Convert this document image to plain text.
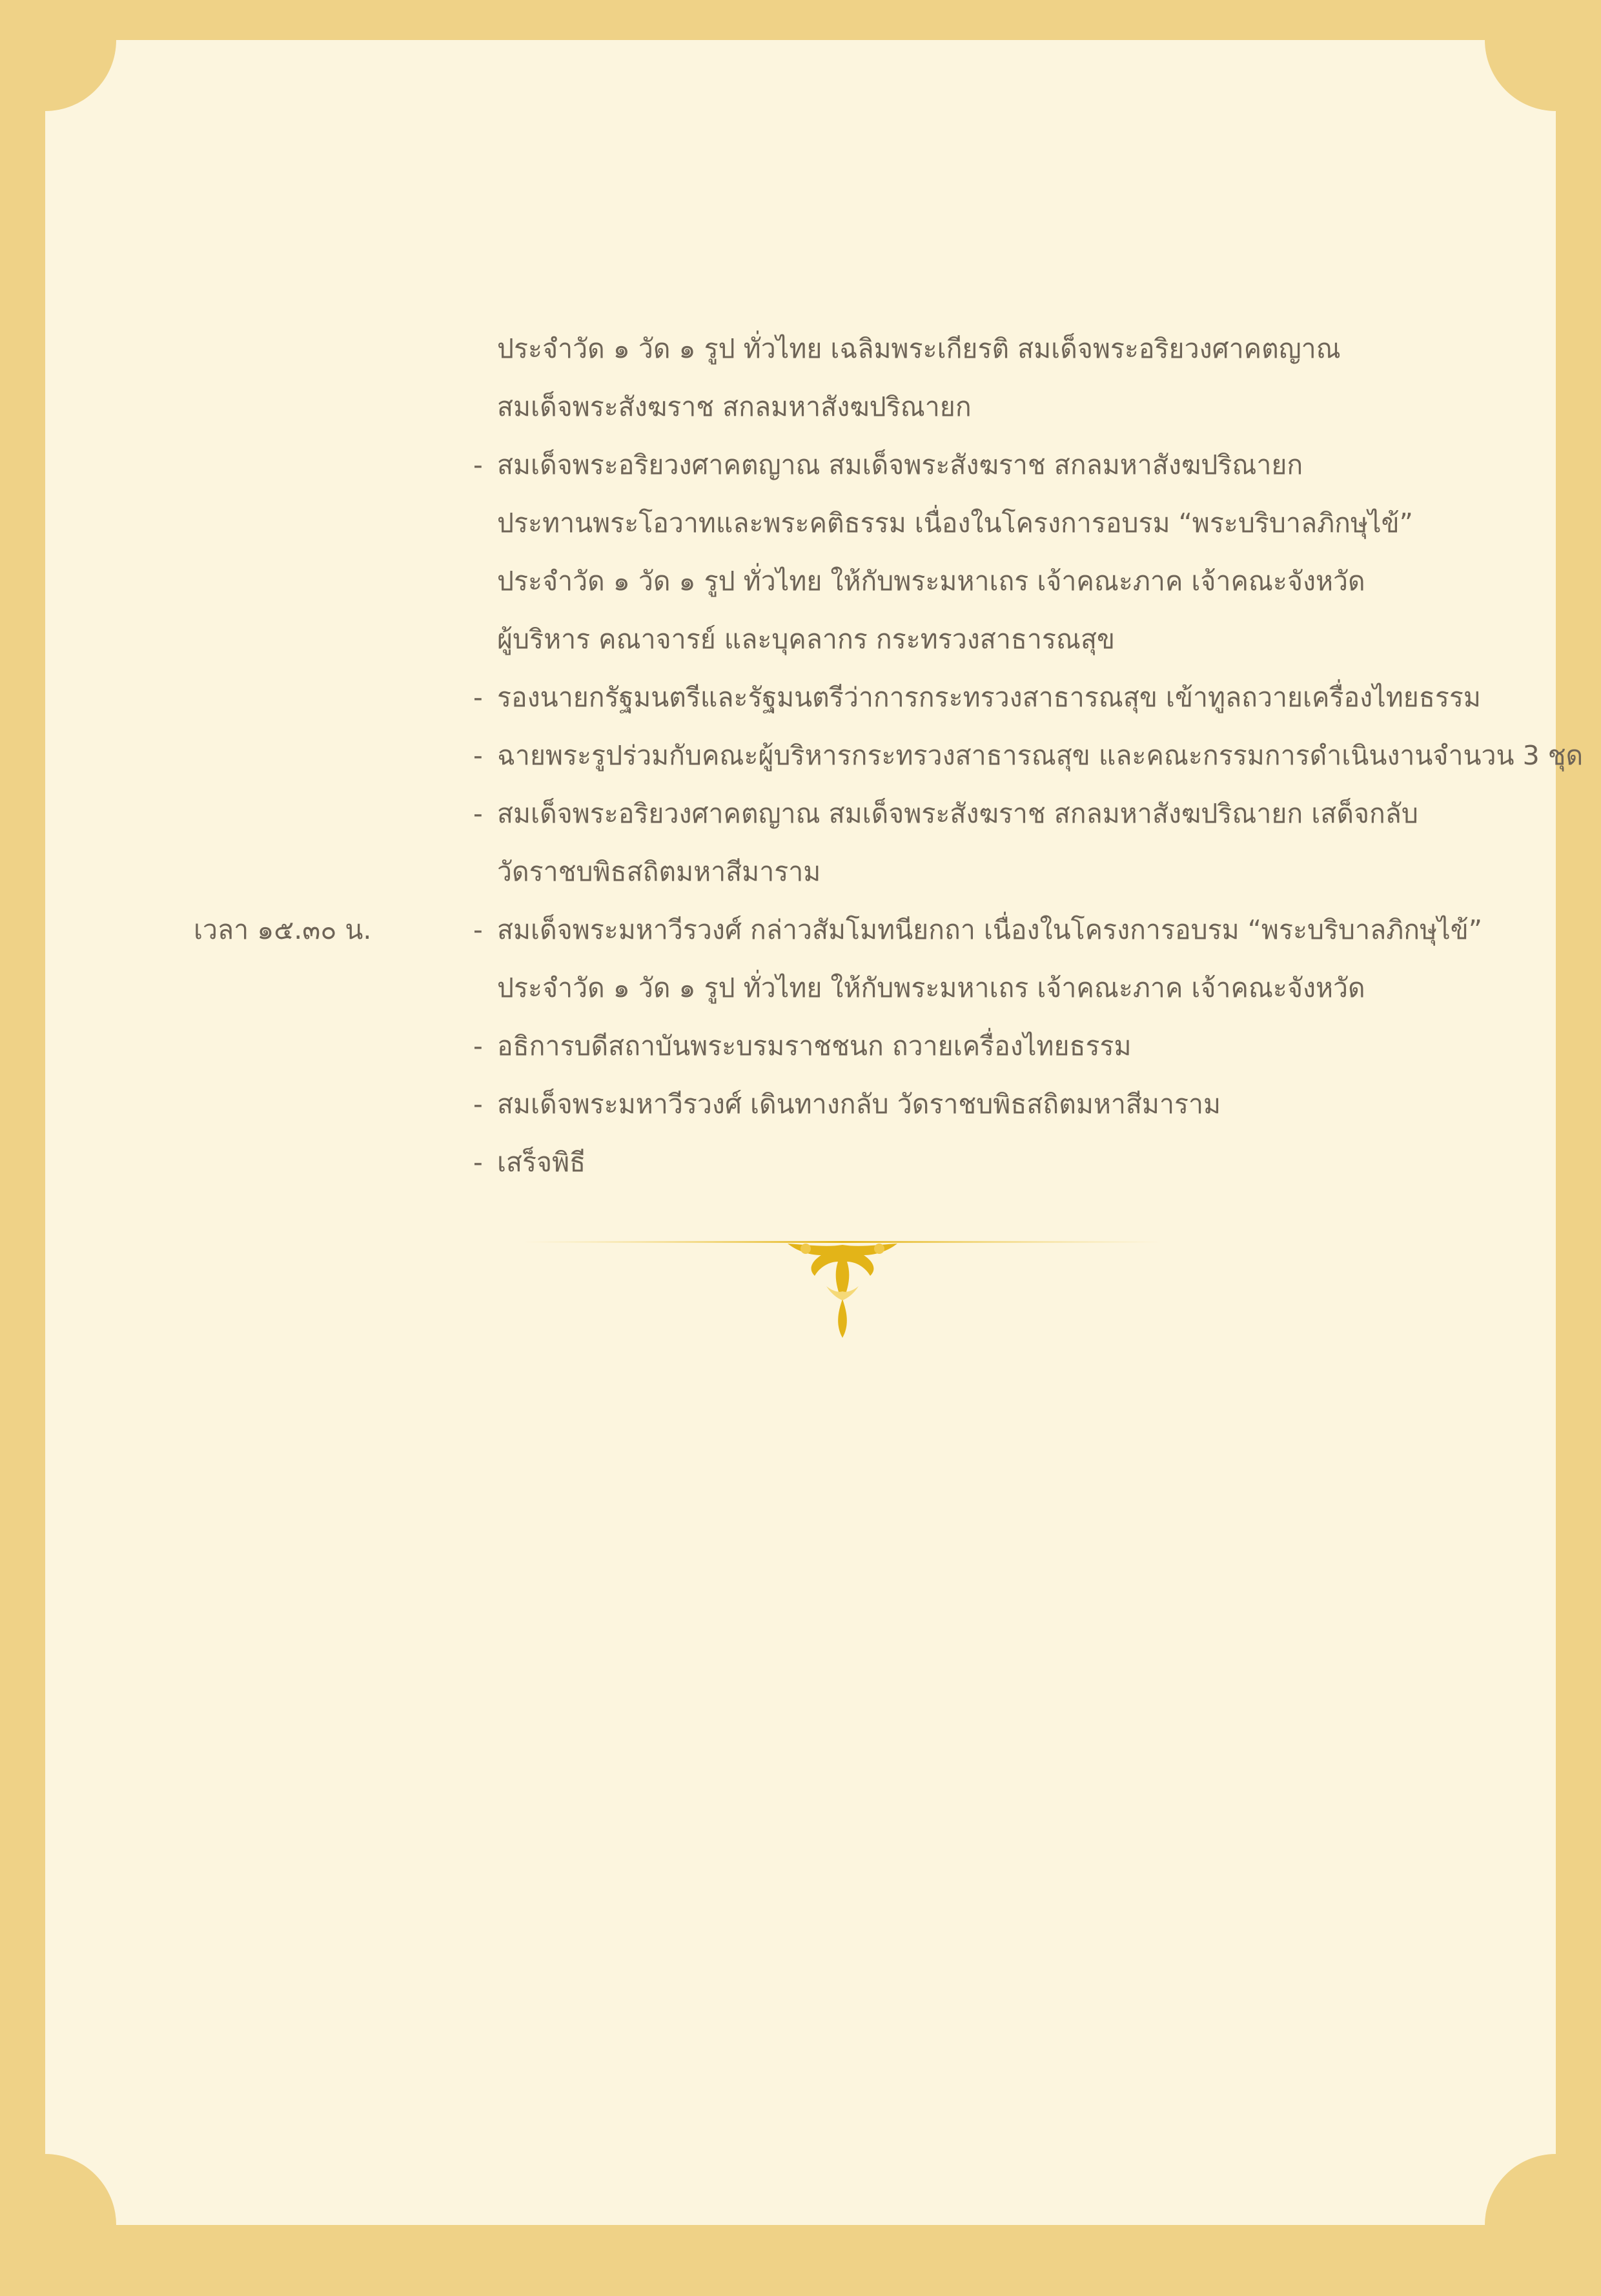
ประจำวัด ๑ วัด ๑ รูป ทั่วไทย เฉลิมพระเกียรติ สมเด็จพระอริยวงศาคตญาณ
สมเด็จพระสังฆราช สกลมหาสังฆปริณายก
- สมเด็จพระอริยวงศาคตญาณ สมเด็จพระสังฆราช สกลมหาสังฆปริณายก
ประทานพระโอวาทและพระคติธรรม เนื่องในโครงการอบรม “พระบริบาลภิกษุไข้”
ประจำวัด ๑ วัด ๑ รูป ทั่วไทย ให้กับพระมหาเถร เจ้าคณะภาค เจ้าคณะจังหวัด
ผู้บริหาร คณาจารย์ และบุคลากร กระทรวงสาธารณสุข
- รองนายกรัฐมนตรีและรัฐมนตรีว่าการกระทรวงสาธารณสุข เข้าทูลถวายเครื่องไทยธรรม
- ฉายพระรูปร่วมกับคณะผู้บริหารกระทรวงสาธารณสุข และคณะกรรมการดำเนินงานจำนวน 3 ชุด
- สมเด็จพระอริยวงศาคตญาณ สมเด็จพระสังฆราช สกลมหาสังฆปริณายก เสด็จกลับ
วัดราชบพิธสถิตมหาสีมาราม
เวลา ๑๕.๓๐ น.	- สมเด็จพระมหาวีรวงศ์ กล่าวสัมโมทนียกถา เนื่องในโครงการอบรม “พระบริบาลภิกษุไข้”
ประจำวัด ๑ วัด ๑ รูป ทั่วไทย ให้กับพระมหาเถร เจ้าคณะภาค เจ้าคณะจังหวัด
- อธิการบดีสถาบันพระบรมราชชนก ถวายเครื่องไทยธรรม
- สมเด็จพระมหาวีรวงศ์ เดินทางกลับ วัดราชบพิธสถิตมหาสีมาราม
- เสร็จพิธี
